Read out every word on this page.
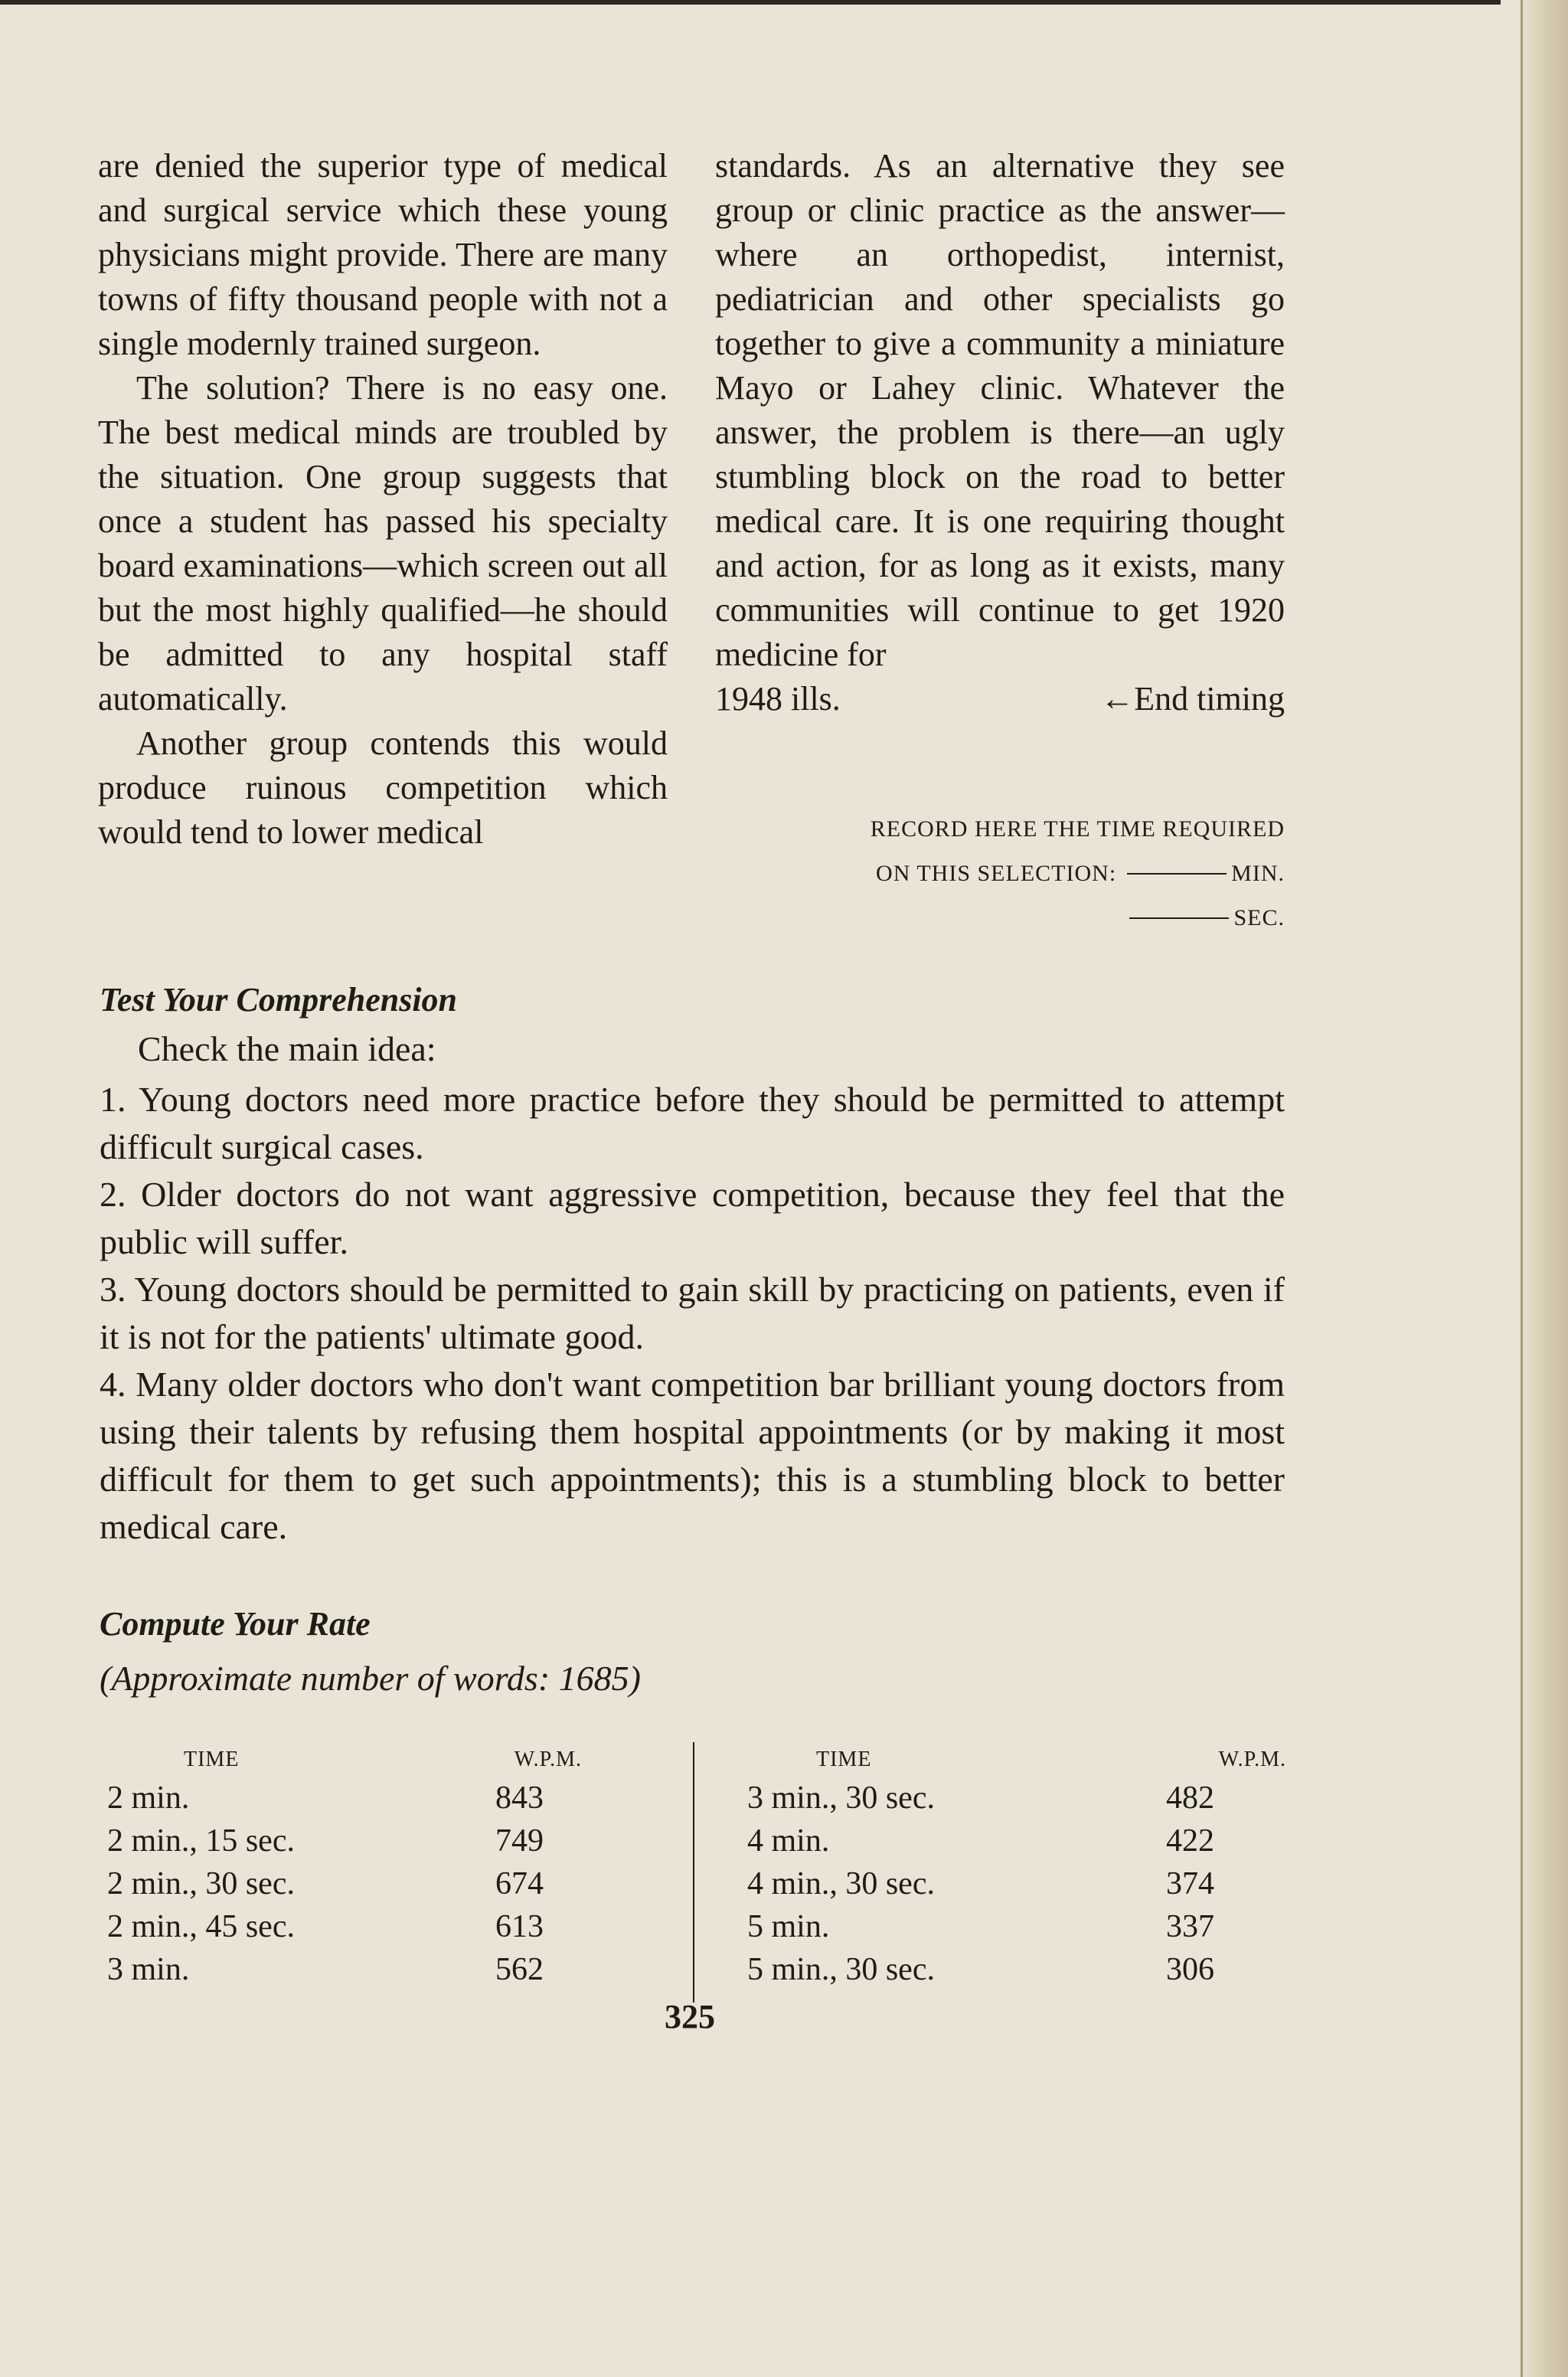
are denied the superior type of medical and surgical service which these young physicians might provide. There are many towns of fifty thousand people with not a single modernly trained surgeon.

The solution? There is no easy one. The best medical minds are troubled by the situation. One group suggests that once a student has passed his specialty board examinations—which screen out all but the most highly qualified—he should be admitted to any hospital staff automatically.

Another group contends this would produce ruinous competition which would tend to lower medical

standards. As an alternative they see group or clinic practice as the answer—where an orthopedist, internist, pediatrician and other specialists go together to give a community a miniature Mayo or Lahey clinic. Whatever the answer, the problem is there—an ugly stumbling block on the road to better medical care. It is one requiring thought and action, for as long as it exists, many communities will continue to get 1920 medicine for

1948 ills.	←End timing
RECORD HERE THE TIME REQUIRED
ON THIS SELECTION:	MIN.
SEC.
Test Your Comprehension
Check the main idea:

1. Young doctors need more practice before they should be permitted to attempt difficult surgical cases.

2. Older doctors do not want aggressive competition, because they feel that the public will suffer.

3. Young doctors should be permitted to gain skill by practicing on patients, even if it is not for the patients' ultimate good.

4. Many older doctors who don't want competition bar brilliant young doctors from using their talents by refusing them hospital appointments (or by making it most difficult for them to get such appointments); this is a stumbling block to better medical care.

Compute Your Rate
(Approximate number of words: 1685)
TIME	W.P.M.
2 min.	843
2 min., 15 sec.	749
2 min., 30 sec.	674
2 min., 45 sec.	613
3 min.	562
TIME	W.P.M.
3 min., 30 sec.	482
4 min.	422
4 min., 30 sec.	374
5 min.	337
5 min., 30 sec.	306
325
